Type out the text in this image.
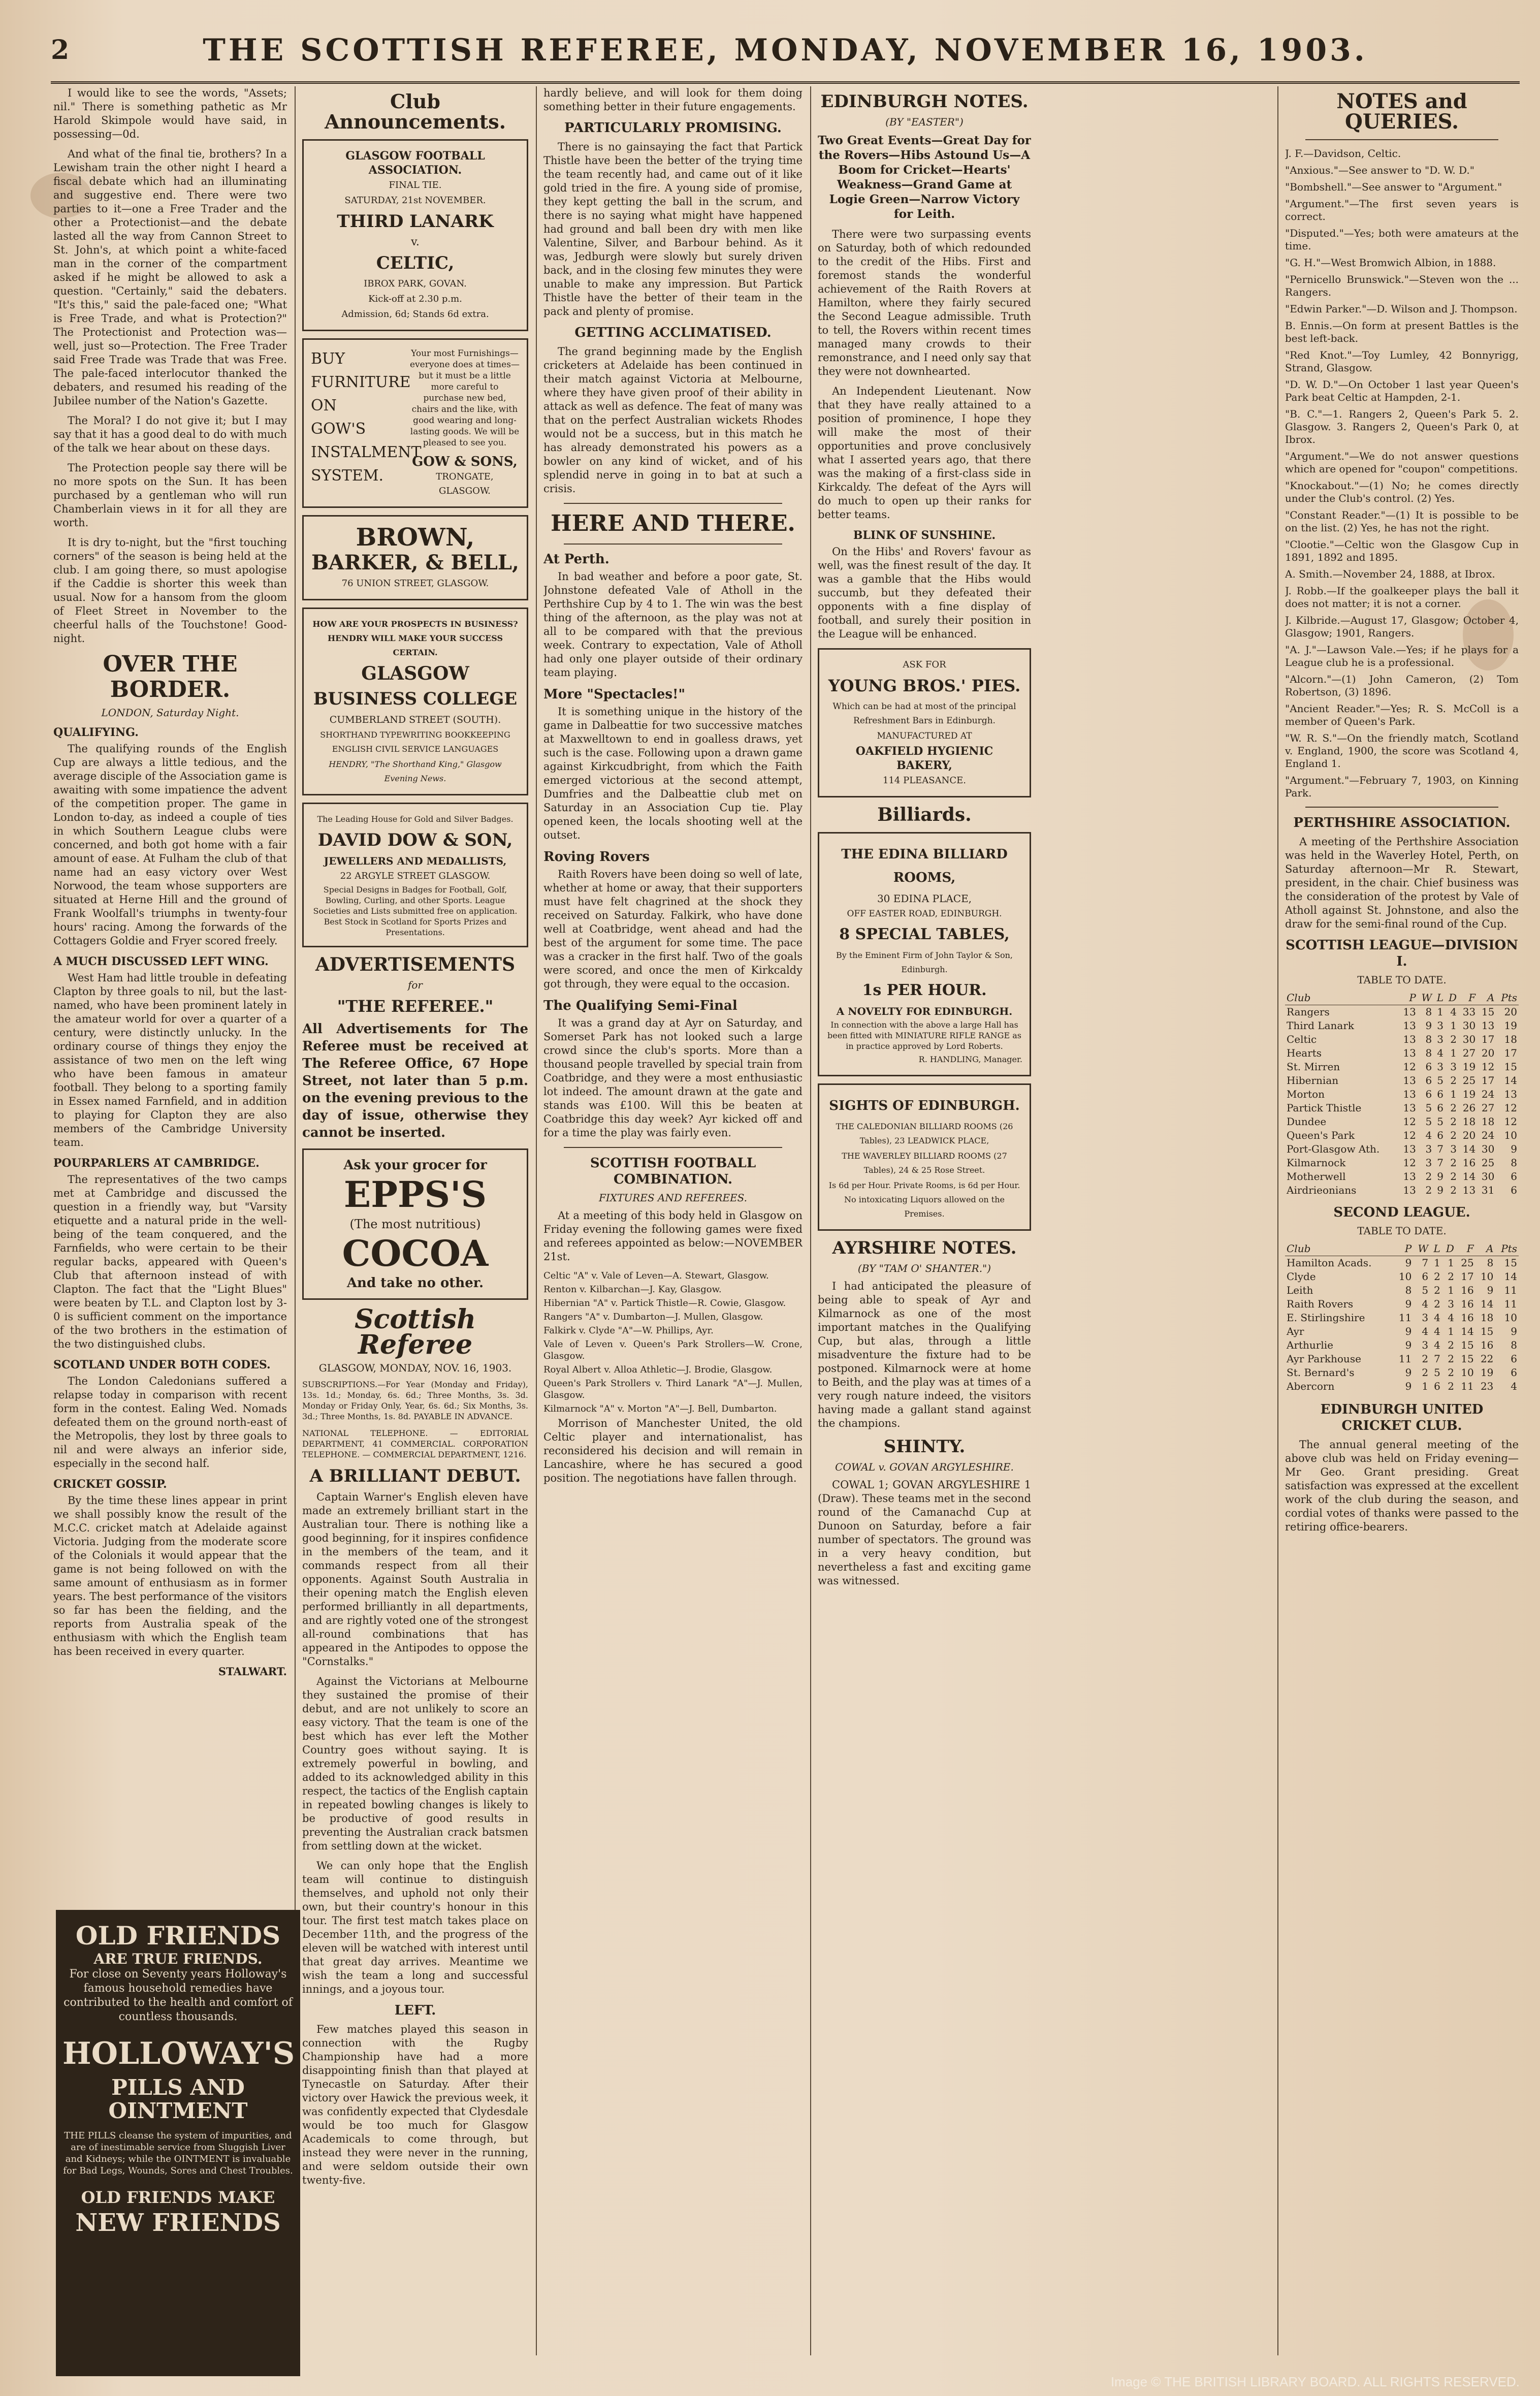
2	THE SCOTTISH REFEREE, MONDAY, NOVEMBER 16, 1903.

I would like to see the words, "Assets; nil." There is something pathetic as Mr Harold Skimpole would have said, in possessing—0d.

And what of the final tie, brothers? In a Lewisham train the other night I heard a fiscal debate which had an illuminating and suggestive end. There were two parties to it—one a Free Trader and the other a Protectionist—and the debate lasted all the way from Cannon Street to St. John's, at which point a white-faced man in the corner of the compartment asked if he might be allowed to ask a question. "Certainly," said the debaters. "It's this," said the pale-faced one; "What is Free Trade, and what is Protection?" The Protectionist and Protection was—well, just so—Protection. The Free Trader said Free Trade was Trade that was Free. The pale-faced interlocutor thanked the debaters, and resumed his reading of the Jubilee number of the Nation's Gazette.

The Moral? I do not give it; but I may say that it has a good deal to do with much of the talk we hear about on these days.

The Protection people say there will be no more spots on the Sun. It has been purchased by a gentleman who will run Chamberlain views in it for all they are worth.

It is dry to-night, but the "first touching corners" of the season is being held at the club. I am going there, so must apologise if the Caddie is shorter this week than usual. Now for a hansom from the gloom of Fleet Street in November to the cheerful halls of the Touchstone! Good-night.

OVER THE BORDER.
LONDON, Saturday Night.
QUALIFYING.

The qualifying rounds of the English Cup are always a little tedious, and the average disciple of the Association game is awaiting with some impatience the advent of the competition proper. The game in London to-day, as indeed a couple of ties in which Southern League clubs were concerned, and both got home with a fair amount of ease. At Fulham the club of that name had an easy victory over West Norwood, the team whose supporters are situated at Herne Hill and the ground of Frank Woolfall's triumphs in twenty-four hours' racing. Among the forwards of the Cottagers Goldie and Fryer scored freely.

A MUCH DISCUSSED LEFT WING.

West Ham had little trouble in defeating Clapton by three goals to nil, but the last-named, who have been prominent lately in the amateur world for over a quarter of a century, were distinctly unlucky. In the ordinary course of things they enjoy the assistance of two men on the left wing who have been famous in amateur football. They belong to a sporting family in Essex named Farnfield, and in addition to playing for Clapton they are also members of the Cambridge University team.

POURPARLERS AT CAMBRIDGE.

The representatives of the two camps met at Cambridge and discussed the question in a friendly way, but "Varsity etiquette and a natural pride in the well-being of the team conquered, and the Farnfields, who were certain to be their regular backs, appeared with Queen's Club that afternoon instead of with Clapton. The fact that the "Light Blues" were beaten by T.L. and Clapton lost by 3-0 is sufficient comment on the importance of the two brothers in the estimation of the two distinguished clubs.

SCOTLAND UNDER BOTH CODES.

The London Caledonians suffered a relapse today in comparison with recent form in the contest. Ealing Wed. Nomads defeated them on the ground north-east of the Metropolis, they lost by three goals to nil and were always an inferior side, especially in the second half.

CRICKET GOSSIP.

By the time these lines appear in print we shall possibly know the result of the M.C.C. cricket match at Adelaide against Victoria. Judging from the moderate score of the Colonials it would appear that the game is not being followed on with the same amount of enthusiasm as in former years. The best performance of the visitors so far has been the fielding, and the reports from Australia speak of the enthusiasm with which the English team has been received in every quarter.

STALWART.

OLD FRIENDS
ARE TRUE FRIENDS.
For close on Seventy years Holloway's famous household remedies have contributed to the health and comfort of countless thousands.
HOLLOWAY'S
PILLS AND OINTMENT
THE PILLS cleanse the system of impurities, and are of inestimable service from Sluggish Liver and Kidneys; while the OINTMENT is invaluable for Bad Legs, Wounds, Sores and Chest Troubles.
OLD FRIENDS MAKE
NEW FRIENDS
Club Announcements.
GLASGOW FOOTBALL ASSOCIATION.
FINAL TIE.
SATURDAY, 21st NOVEMBER.
THIRD LANARK
v.
CELTIC,
IBROX PARK, GOVAN.
Kick-off at 2.30 p.m.
Admission, 6d; Stands 6d extra.
BUY
FURNITURE
ON
GOW'S
INSTALMENT
SYSTEM.
Your most Furnishings—everyone does at times—but it must be a little more careful to purchase new bed, chairs and the like, with good wearing and long-lasting goods. We will be pleased to see you.
GOW & SONS,
TRONGATE, GLASGOW.
BROWN,
BARKER, & BELL,
76 UNION STREET, GLASGOW.
HOW ARE YOUR PROSPECTS IN BUSINESS? HENDRY WILL MAKE YOUR SUCCESS CERTAIN.
GLASGOW
BUSINESS COLLEGE
CUMBERLAND STREET (SOUTH).
SHORTHAND TYPEWRITING BOOKKEEPING ENGLISH CIVIL SERVICE LANGUAGES
HENDRY, "The Shorthand King," Glasgow Evening News.
The Leading House for Gold and Silver Badges.
DAVID DOW & SON,
JEWELLERS AND MEDALLISTS,
22 ARGYLE STREET GLASGOW.
Special Designs in Badges for Football, Golf, Bowling, Curling, and other Sports. League Societies and Lists submitted free on application. Best Stock in Scotland for Sports Prizes and Presentations.
ADVERTISEMENTS
for
"THE REFEREE."

All Advertisements for The Referee must be received at The Referee Office, 67 Hope Street, not later than 5 p.m. on the evening previous to the day of issue, otherwise they cannot be inserted.

Ask your grocer for
EPPS'S
(The most nutritious)
COCOA
And take no other.
Scottish Referee
GLASGOW, MONDAY, NOV. 16, 1903.

SUBSCRIPTIONS.—For Year (Monday and Friday), 13s. 1d.; Monday, 6s. 6d.; Three Months, 3s. 3d. Monday or Friday Only, Year, 6s. 6d.; Six Months, 3s. 3d.; Three Months, 1s. 8d. PAYABLE IN ADVANCE.

NATIONAL TELEPHONE. — EDITORIAL DEPARTMENT, 41 COMMERCIAL. CORPORATION TELEPHONE. — COMMERCIAL DEPARTMENT, 1216.

A BRILLIANT DEBUT.

Captain Warner's English eleven have made an extremely brilliant start in the Australian tour. There is nothing like a good beginning, for it inspires confidence in the members of the team, and it commands respect from all their opponents. Against South Australia in their opening match the English eleven performed brilliantly in all departments, and are rightly voted one of the strongest all-round combinations that has appeared in the Antipodes to oppose the "Cornstalks."

Against the Victorians at Melbourne they sustained the promise of their debut, and are not unlikely to score an easy victory. That the team is one of the best which has ever left the Mother Country goes without saying. It is extremely powerful in bowling, and added to its acknowledged ability in this respect, the tactics of the English captain in repeated bowling changes is likely to be productive of good results in preventing the Australian crack batsmen from settling down at the wicket.

We can only hope that the English team will continue to distinguish themselves, and uphold not only their own, but their country's honour in this tour. The first test match takes place on December 11th, and the progress of the eleven will be watched with interest until that great day arrives. Meantime we wish the team a long and successful innings, and a joyous tour.

LEFT.

Few matches played this season in connection with the Rugby Championship have had a more disappointing finish than that played at Tynecastle on Saturday. After their victory over Hawick the previous week, it was confidently expected that Clydesdale would be too much for Glasgow Academicals to come through, but instead they were never in the running, and were seldom outside their own twenty-five.

hardly believe, and will look for them doing something better in their future engagements.

PARTICULARLY PROMISING.

There is no gainsaying the fact that Partick Thistle have been the better of the trying time the team recently had, and came out of it like gold tried in the fire. A young side of promise, they kept getting the ball in the scrum, and there is no saying what might have happened had ground and ball been dry with men like Valentine, Silver, and Barbour behind. As it was, Jedburgh were slowly but surely driven back, and in the closing few minutes they were unable to make any impression. But Partick Thistle have the better of their team in the pack and plenty of promise.

GETTING ACCLIMATISED.

The grand beginning made by the English cricketers at Adelaide has been continued in their match against Victoria at Melbourne, where they have given proof of their ability in attack as well as defence. The feat of many was that on the perfect Australian wickets Rhodes would not be a success, but in this match he has already demonstrated his powers as a bowler on any kind of wicket, and of his splendid nerve in going in to bat at such a crisis.

HERE AND THERE.
At Perth.

In bad weather and before a poor gate, St. Johnstone defeated Vale of Atholl in the Perthshire Cup by 4 to 1. The win was the best thing of the afternoon, as the play was not at all to be compared with that the previous week. Contrary to expectation, Vale of Atholl had only one player outside of their ordinary team playing.

More "Spectacles!"

It is something unique in the history of the game in Dalbeattie for two successive matches at Maxwelltown to end in goalless draws, yet such is the case. Following upon a drawn game against Kirkcudbright, from which the Faith emerged victorious at the second attempt, Dumfries and the Dalbeattie club met on Saturday in an Association Cup tie. Play opened keen, the locals shooting well at the outset.

Roving Rovers

Raith Rovers have been doing so well of late, whether at home or away, that their supporters must have felt chagrined at the shock they received on Saturday. Falkirk, who have done well at Coatbridge, went ahead and had the best of the argument for some time. The pace was a cracker in the first half. Two of the goals were scored, and once the men of Kirkcaldy got through, they were equal to the occasion.

The Qualifying Semi-Final

It was a grand day at Ayr on Saturday, and Somerset Park has not looked such a large crowd since the club's sports. More than a thousand people travelled by special train from Coatbridge, and they were a most enthusiastic lot indeed. The amount drawn at the gate and stands was £100. Will this be beaten at Coatbridge this day week? Ayr kicked off and for a time the play was fairly even.

SCOTTISH FOOTBALL COMBINATION.
FIXTURES AND REFEREES.

At a meeting of this body held in Glasgow on Friday evening the following games were fixed and referees appointed as below:—NOVEMBER 21st.

Celtic "A" v. Vale of Leven—A. Stewart, Glasgow.

Renton v. Kilbarchan—J. Kay, Glasgow.

Hibernian "A" v. Partick Thistle—R. Cowie, Glasgow.

Rangers "A" v. Dumbarton—J. Mullen, Glasgow.

Falkirk v. Clyde "A"—W. Phillips, Ayr.

Vale of Leven v. Queen's Park Strollers—W. Crone, Glasgow.

Royal Albert v. Alloa Athletic—J. Brodie, Glasgow.

Queen's Park Strollers v. Third Lanark "A"—J. Mullen, Glasgow.

Kilmarnock "A" v. Morton "A"—J. Bell, Dumbarton.

Morrison of Manchester United, the old Celtic player and internationalist, has reconsidered his decision and will remain in Lancashire, where he has secured a good position. The negotiations have fallen through.

EDINBURGH NOTES.
(BY "EASTER")

Two Great Events—Great Day for the Rovers—Hibs Astound Us—A Boom for Cricket—Hearts' Weakness—Grand Game at Logie Green—Narrow Victory for Leith.

There were two surpassing events on Saturday, both of which redounded to the credit of the Hibs. First and foremost stands the wonderful achievement of the Raith Rovers at Hamilton, where they fairly secured the Second League admissible. Truth to tell, the Rovers within recent times managed many crowds to their remonstrance, and I need only say that they were not downhearted.

An Independent Lieutenant. Now that they have really attained to a position of prominence, I hope they will make the most of their opportunities and prove conclusively what I asserted years ago, that there was the making of a first-class side in Kirkcaldy. The defeat of the Ayrs will do much to open up their ranks for better teams.

BLINK OF SUNSHINE.

On the Hibs' and Rovers' favour as well, was the finest result of the day. It was a gamble that the Hibs would succumb, but they defeated their opponents with a fine display of football, and surely their position in the League will be enhanced.

ASK FOR
YOUNG BROS.' PIES.
Which can be had at most of the principal Refreshment Bars in Edinburgh.
MANUFACTURED AT
OAKFIELD HYGIENIC BAKERY,
114 PLEASANCE.
Billiards.
THE EDINA BILLIARD ROOMS,
30 EDINA PLACE,
OFF EASTER ROAD, EDINBURGH.
8 SPECIAL TABLES,
By the Eminent Firm of John Taylor & Son, Edinburgh.
1s PER HOUR.
A NOVELTY FOR EDINBURGH.
In connection with the above a large Hall has been fitted with MINIATURE RIFLE RANGE as in practice approved by Lord Roberts.
R. HANDLING, Manager.
SIGHTS OF EDINBURGH.
THE CALEDONIAN BILLIARD ROOMS (26 Tables), 23 LEADWICK PLACE,
THE WAVERLEY BILLIARD ROOMS (27 Tables), 24 & 25 Rose Street.
Is 6d per Hour. Private Rooms, is 6d per Hour. No intoxicating Liquors allowed on the Premises.
AYRSHIRE NOTES.
(BY "TAM O' SHANTER.")

I had anticipated the pleasure of being able to speak of Ayr and Kilmarnock as one of the most important matches in the Qualifying Cup, but alas, through a little misadventure the fixture had to be postponed. Kilmarnock were at home to Beith, and the play was at times of a very rough nature indeed, the visitors having made a gallant stand against the champions.

SHINTY.
COWAL v. GOVAN ARGYLESHIRE.

COWAL 1; GOVAN ARGYLESHIRE 1 (Draw). These teams met in the second round of the Camanachd Cup at Dunoon on Saturday, before a fair number of spectators. The ground was in a very heavy condition, but nevertheless a fast and exciting game was witnessed.

NOTES and QUERIES.

J. F.—Davidson, Celtic.

"Anxious."—See answer to "D. W. D."

"Bombshell."—See answer to "Argument."

"Argument."—The first seven years is correct.

"Disputed."—Yes; both were amateurs at the time.

"G. H."—West Bromwich Albion, in 1888.

"Pernicello Brunswick."—Steven won the ... Rangers.

"Edwin Parker."—D. Wilson and J. Thompson.

B. Ennis.—On form at present Battles is the best left-back.

"Red Knot."—Toy Lumley, 42 Bonnyrigg, Strand, Glasgow.

"D. W. D."—On October 1 last year Queen's Park beat Celtic at Hampden, 2-1.

"B. C."—1. Rangers 2, Queen's Park 5. 2. Glasgow. 3. Rangers 2, Queen's Park 0, at Ibrox.

"Argument."—We do not answer questions which are opened for "coupon" competitions.

"Knockabout."—(1) No; he comes directly under the Club's control. (2) Yes.

"Constant Reader."—(1) It is possible to be on the list. (2) Yes, he has not the right.

"Clootie."—Celtic won the Glasgow Cup in 1891, 1892 and 1895.

A. Smith.—November 24, 1888, at Ibrox.

J. Robb.—If the goalkeeper plays the ball it does not matter; it is not a corner.

J. Kilbride.—August 17, Glasgow; October 4, Glasgow; 1901, Rangers.

"A. J."—Lawson Vale.—Yes; if he plays for a League club he is a professional.

"Alcorn."—(1) John Cameron, (2) Tom Robertson, (3) 1896.

"Ancient Reader."—Yes; R. S. McColl is a member of Queen's Park.

"W. R. S."—On the friendly match, Scotland v. England, 1900, the score was Scotland 4, England 1.

"Argument."—February 7, 1903, on Kinning Park.

PERTHSHIRE ASSOCIATION.

A meeting of the Perthshire Association was held in the Waverley Hotel, Perth, on Saturday afternoon—Mr R. Stewart, president, in the chair. Chief business was the consideration of the protest by Vale of Atholl against St. Johnstone, and also the draw for the semi-final round of the Cup.

SCOTTISH LEAGUE—DIVISION I.
TABLE TO DATE.
Club	P	W	L	D	F	A	Pts
Rangers	13	8	1	4	33	15	20
Third Lanark	13	9	3	1	30	13	19
Celtic	13	8	3	2	30	17	18
Hearts	13	8	4	1	27	20	17
St. Mirren	12	6	3	3	19	12	15
Hibernian	13	6	5	2	25	17	14
Morton	13	6	6	1	19	24	13
Partick Thistle	13	5	6	2	26	27	12
Dundee	12	5	5	2	18	18	12
Queen's Park	12	4	6	2	20	24	10
Port-Glasgow Ath.	13	3	7	3	14	30	9
Kilmarnock	12	3	7	2	16	25	8
Motherwell	13	2	9	2	14	30	6
Airdrieonians	13	2	9	2	13	31	6
SECOND LEAGUE.
TABLE TO DATE.
Club	P	W	L	D	F	A	Pts
Hamilton Acads.	9	7	1	1	25	8	15
Clyde	10	6	2	2	17	10	14
Leith	8	5	2	1	16	9	11
Raith Rovers	9	4	2	3	16	14	11
E. Stirlingshire	11	3	4	4	16	18	10
Ayr	9	4	4	1	14	15	9
Arthurlie	9	3	4	2	15	16	8
Ayr Parkhouse	11	2	7	2	15	22	6
St. Bernard's	9	2	5	2	10	19	6
Abercorn	9	1	6	2	11	23	4
EDINBURGH UNITED CRICKET CLUB.

The annual general meeting of the above club was held on Friday evening—Mr Geo. Grant presiding. Great satisfaction was expressed at the excellent work of the club during the season, and cordial votes of thanks were passed to the retiring office-bearers.

Image © THE BRITISH LIBRARY BOARD. ALL RIGHTS RESERVED.
